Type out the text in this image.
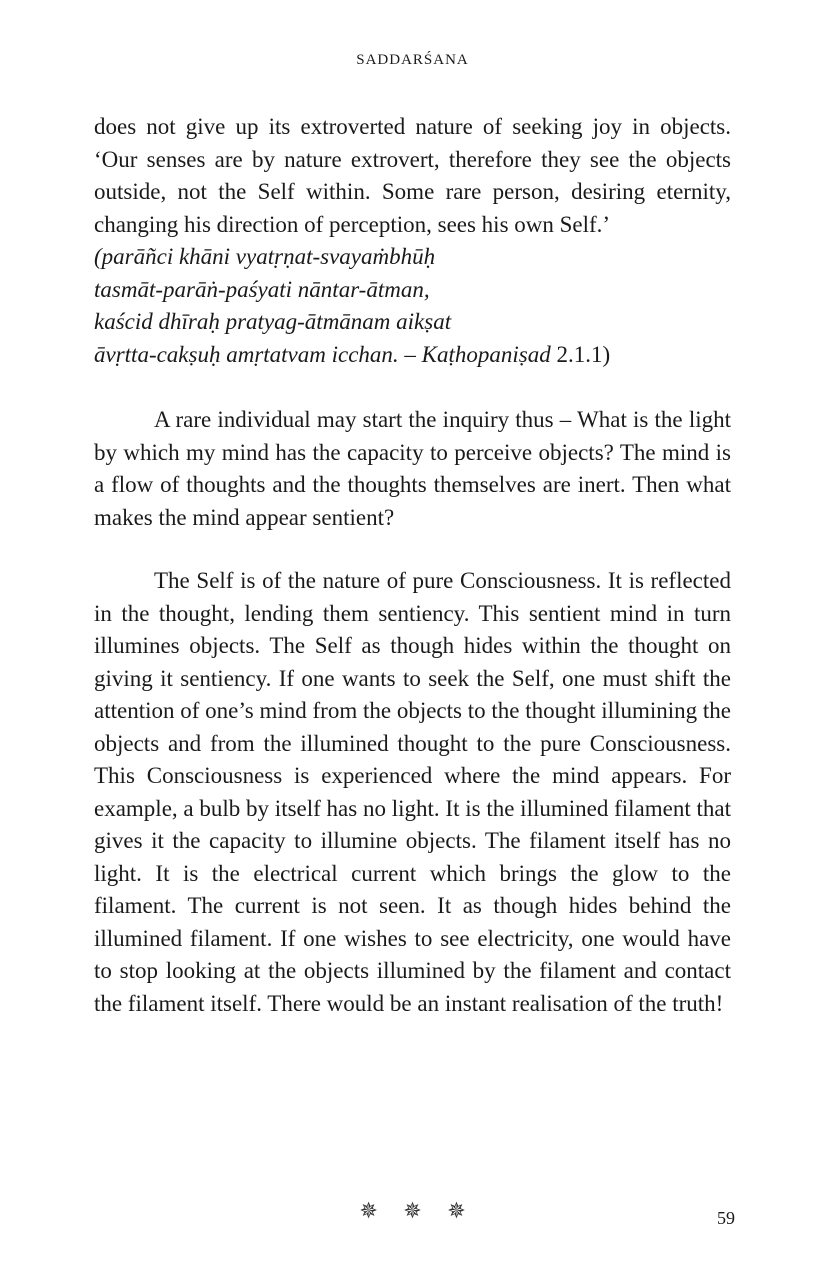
SADDARŚANA

does not give up its extroverted nature of seeking joy in objects. ‘Our senses are by nature extrovert, therefore they see the objects outside, not the Self within. Some rare person, desiring eternity, changing his direction of perception, sees his own Self.’

(parāñci khāni vyatṛṇat-svayaṁbhūḥ
tasmāt-parāṅ-paśyati nāntar-ātman,
kaścid dhīraḥ pratyag-ātmānam aikṣat
āvṛtta-cakṣuḥ amṛtatvam icchan. – Kaṭhopaniṣad 2.1.1)

A rare individual may start the inquiry thus – What is the light by which my mind has the capacity to perceive objects? The mind is a flow of thoughts and the thoughts themselves are inert. Then what makes the mind appear sentient?

The Self is of the nature of pure Consciousness. It is reflected in the thought, lending them sentiency. This sentient mind in turn illumines objects. The Self as though hides within the thought on giving it sentiency. If one wants to seek the Self, one must shift the attention of one’s mind from the objects to the thought illumining the objects and from the illumined thought to the pure Consciousness. This Consciousness is experienced where the mind appears. For example, a bulb by itself has no light. It is the illumined filament that gives it the capacity to illumine objects. The filament itself has no light. It is the electrical current which brings the glow to the filament. The current is not seen. It as though hides behind the illumined filament. If one wishes to see electricity, one would have to stop looking at the objects illumined by the filament and contact the filament itself. There would be an instant realisation of the truth!

✵ ✵ ✵	59
